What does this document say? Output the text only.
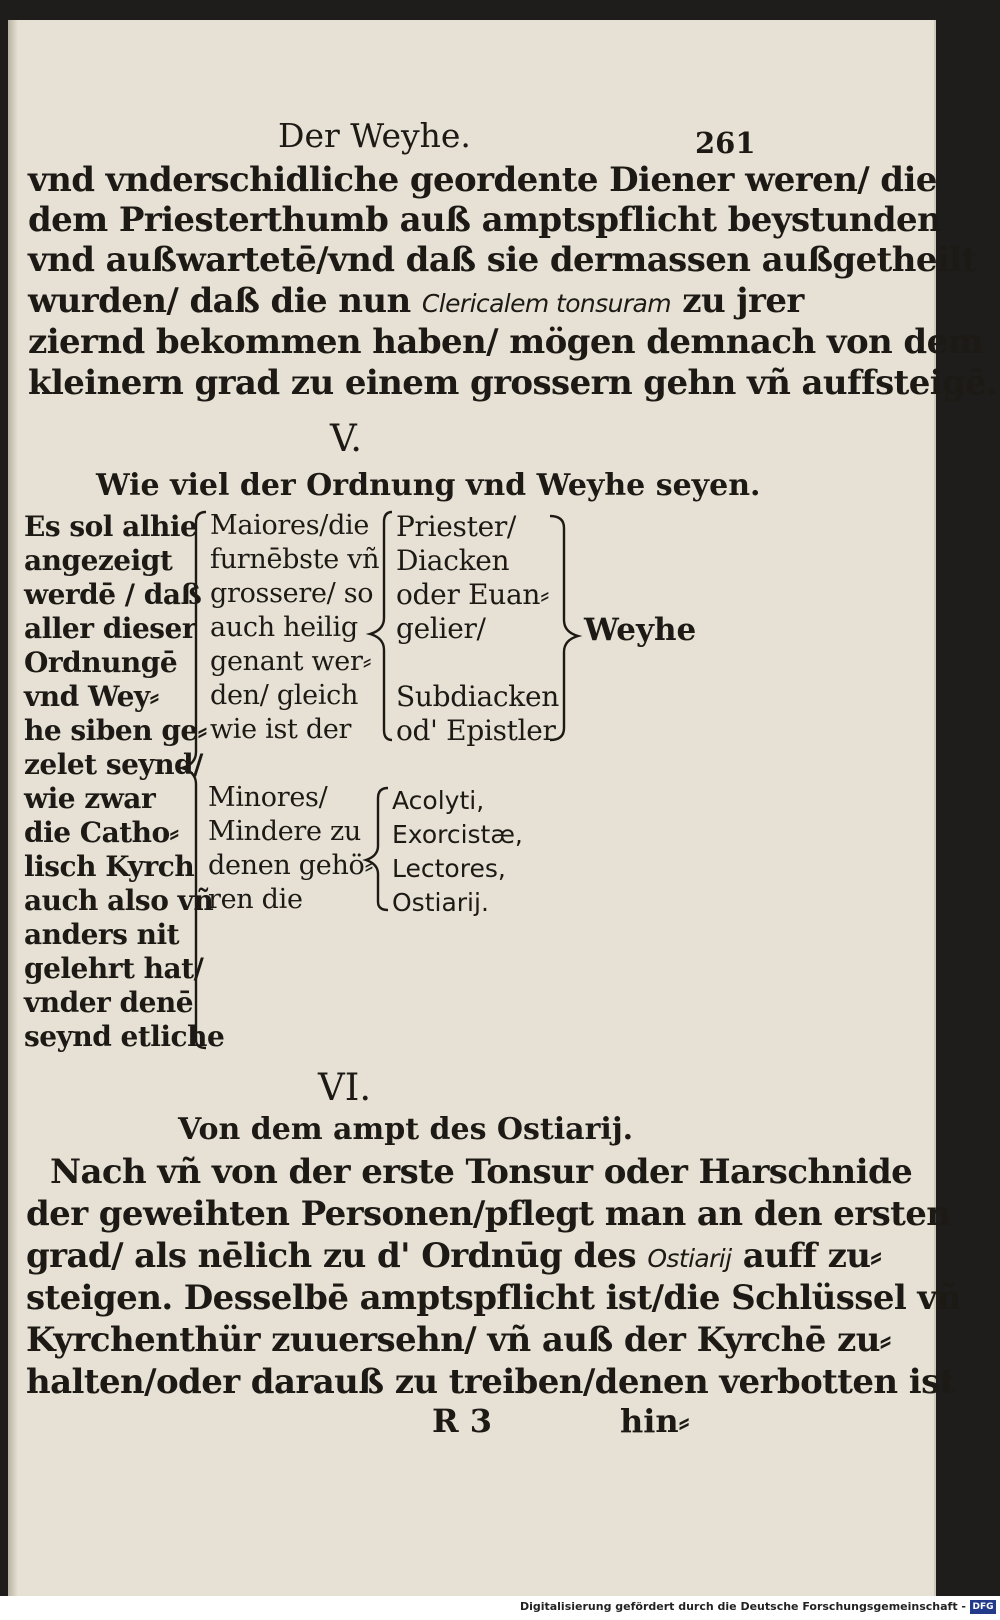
Der Weyhe.	261
vnd vnderschidliche geordente Diener weren/ die
dem Priesterthumb auß amptspflicht beystunden
vnd außwartetē/vnd daß sie dermassen außgetheilt
wurden/ daß die nun Clericalem tonsuram zu jrer
ziernd bekommen haben/ mögen demnach von dem
kleinern grad zu einem grossern gehn vñ auffsteigē.
V.
Wie viel der Ordnung vnd Weyhe seyen.
Es sol alhie
angezeigt
werdē / daß
aller dieser
Ordnungē
vnd Wey⸗
he siben ge⸗
zelet seynd/
wie zwar
die Catho⸗
lisch Kyrch
auch also vñ
anders nit
gelehrt hat/
vnder denē
seynd etliche
Maiores/die
furnēbste vñ
grossere/ so
auch heilig
genant wer⸗
den/ gleich
wie ist der
Minores/
Mindere zu
denen gehö⸗
ren die
Priester/
Diacken
oder Euan⸗
gelier/
Subdiacken
od' Epistler
Acolyti,
Exorcistæ,
Lectores,
Ostiarij.
Weyhe
VI.
Von dem ampt des Ostiarij.
Nach vñ von der erste Tonsur oder Harschnide
der geweihten Personen/pflegt man an den ersten
grad/ als nēlich zu d' Ordnūg des Ostiarij auff zu⸗
steigen. Desselbē amptspflicht ist/die Schlüssel vñ
Kyrchenthür zuuersehn/ vñ auß der Kyrchē zu⸗
halten/oder darauß zu treiben/denen verbotten ist
R 3	hin⸗
Digitalisierung gefördert durch die Deutsche Forschungsgemeinschaft - DFG
